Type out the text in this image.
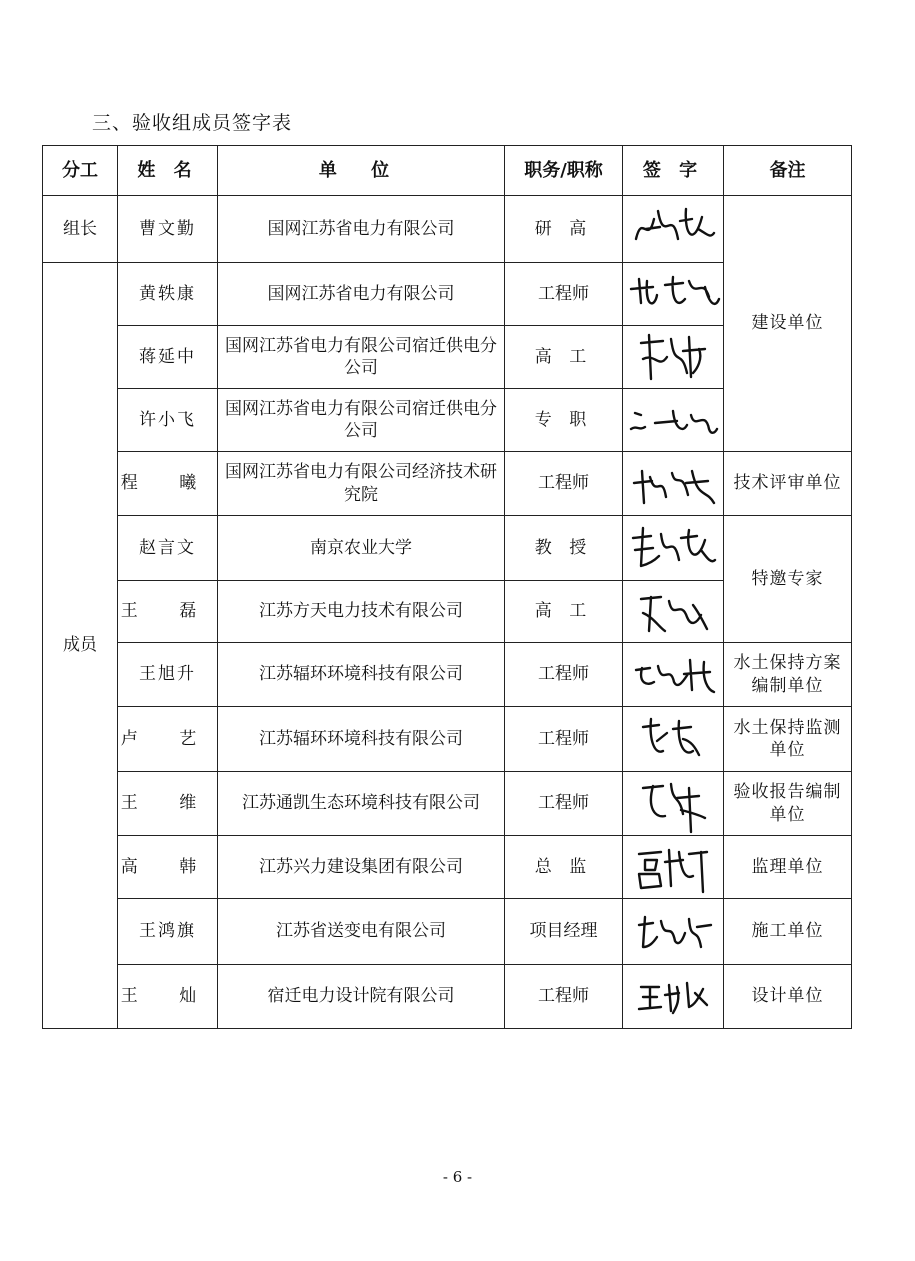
三、验收组成员签字表
分工	姓 名	单 位	职务/职称	签 字	备注
组长	曹文勤	国网江苏省电力有限公司	研 高		建设单位
成员	黄轶康	国网江苏省电力有限公司	工程师	

	蒋延中	国网江苏省电力有限公司宿迁供电分公司	高 工	

	许小飞	国网江苏省电力有限公司宿迁供电分公司	专 职	

	程 曦	国网江苏省电力有限公司经济技术研究院	工程师		技术评审单位
	赵言文	南京农业大学	教 授		特邀专家
	王 磊	江苏方天电力技术有限公司	高 工	

	王旭升	江苏辐环环境科技有限公司	工程师		水土保持方案编制单位
	卢 艺	江苏辐环环境科技有限公司	工程师		水土保持监测单位
	王 维	江苏通凯生态环境科技有限公司	工程师		验收报告编制单位
	高 韩	江苏兴力建设集团有限公司	总 监		监理单位
	王鸿旗	江苏省送变电有限公司	项目经理		施工单位
	王 灿	宿迁电力设计院有限公司	工程师		设计单位
- 6 -
